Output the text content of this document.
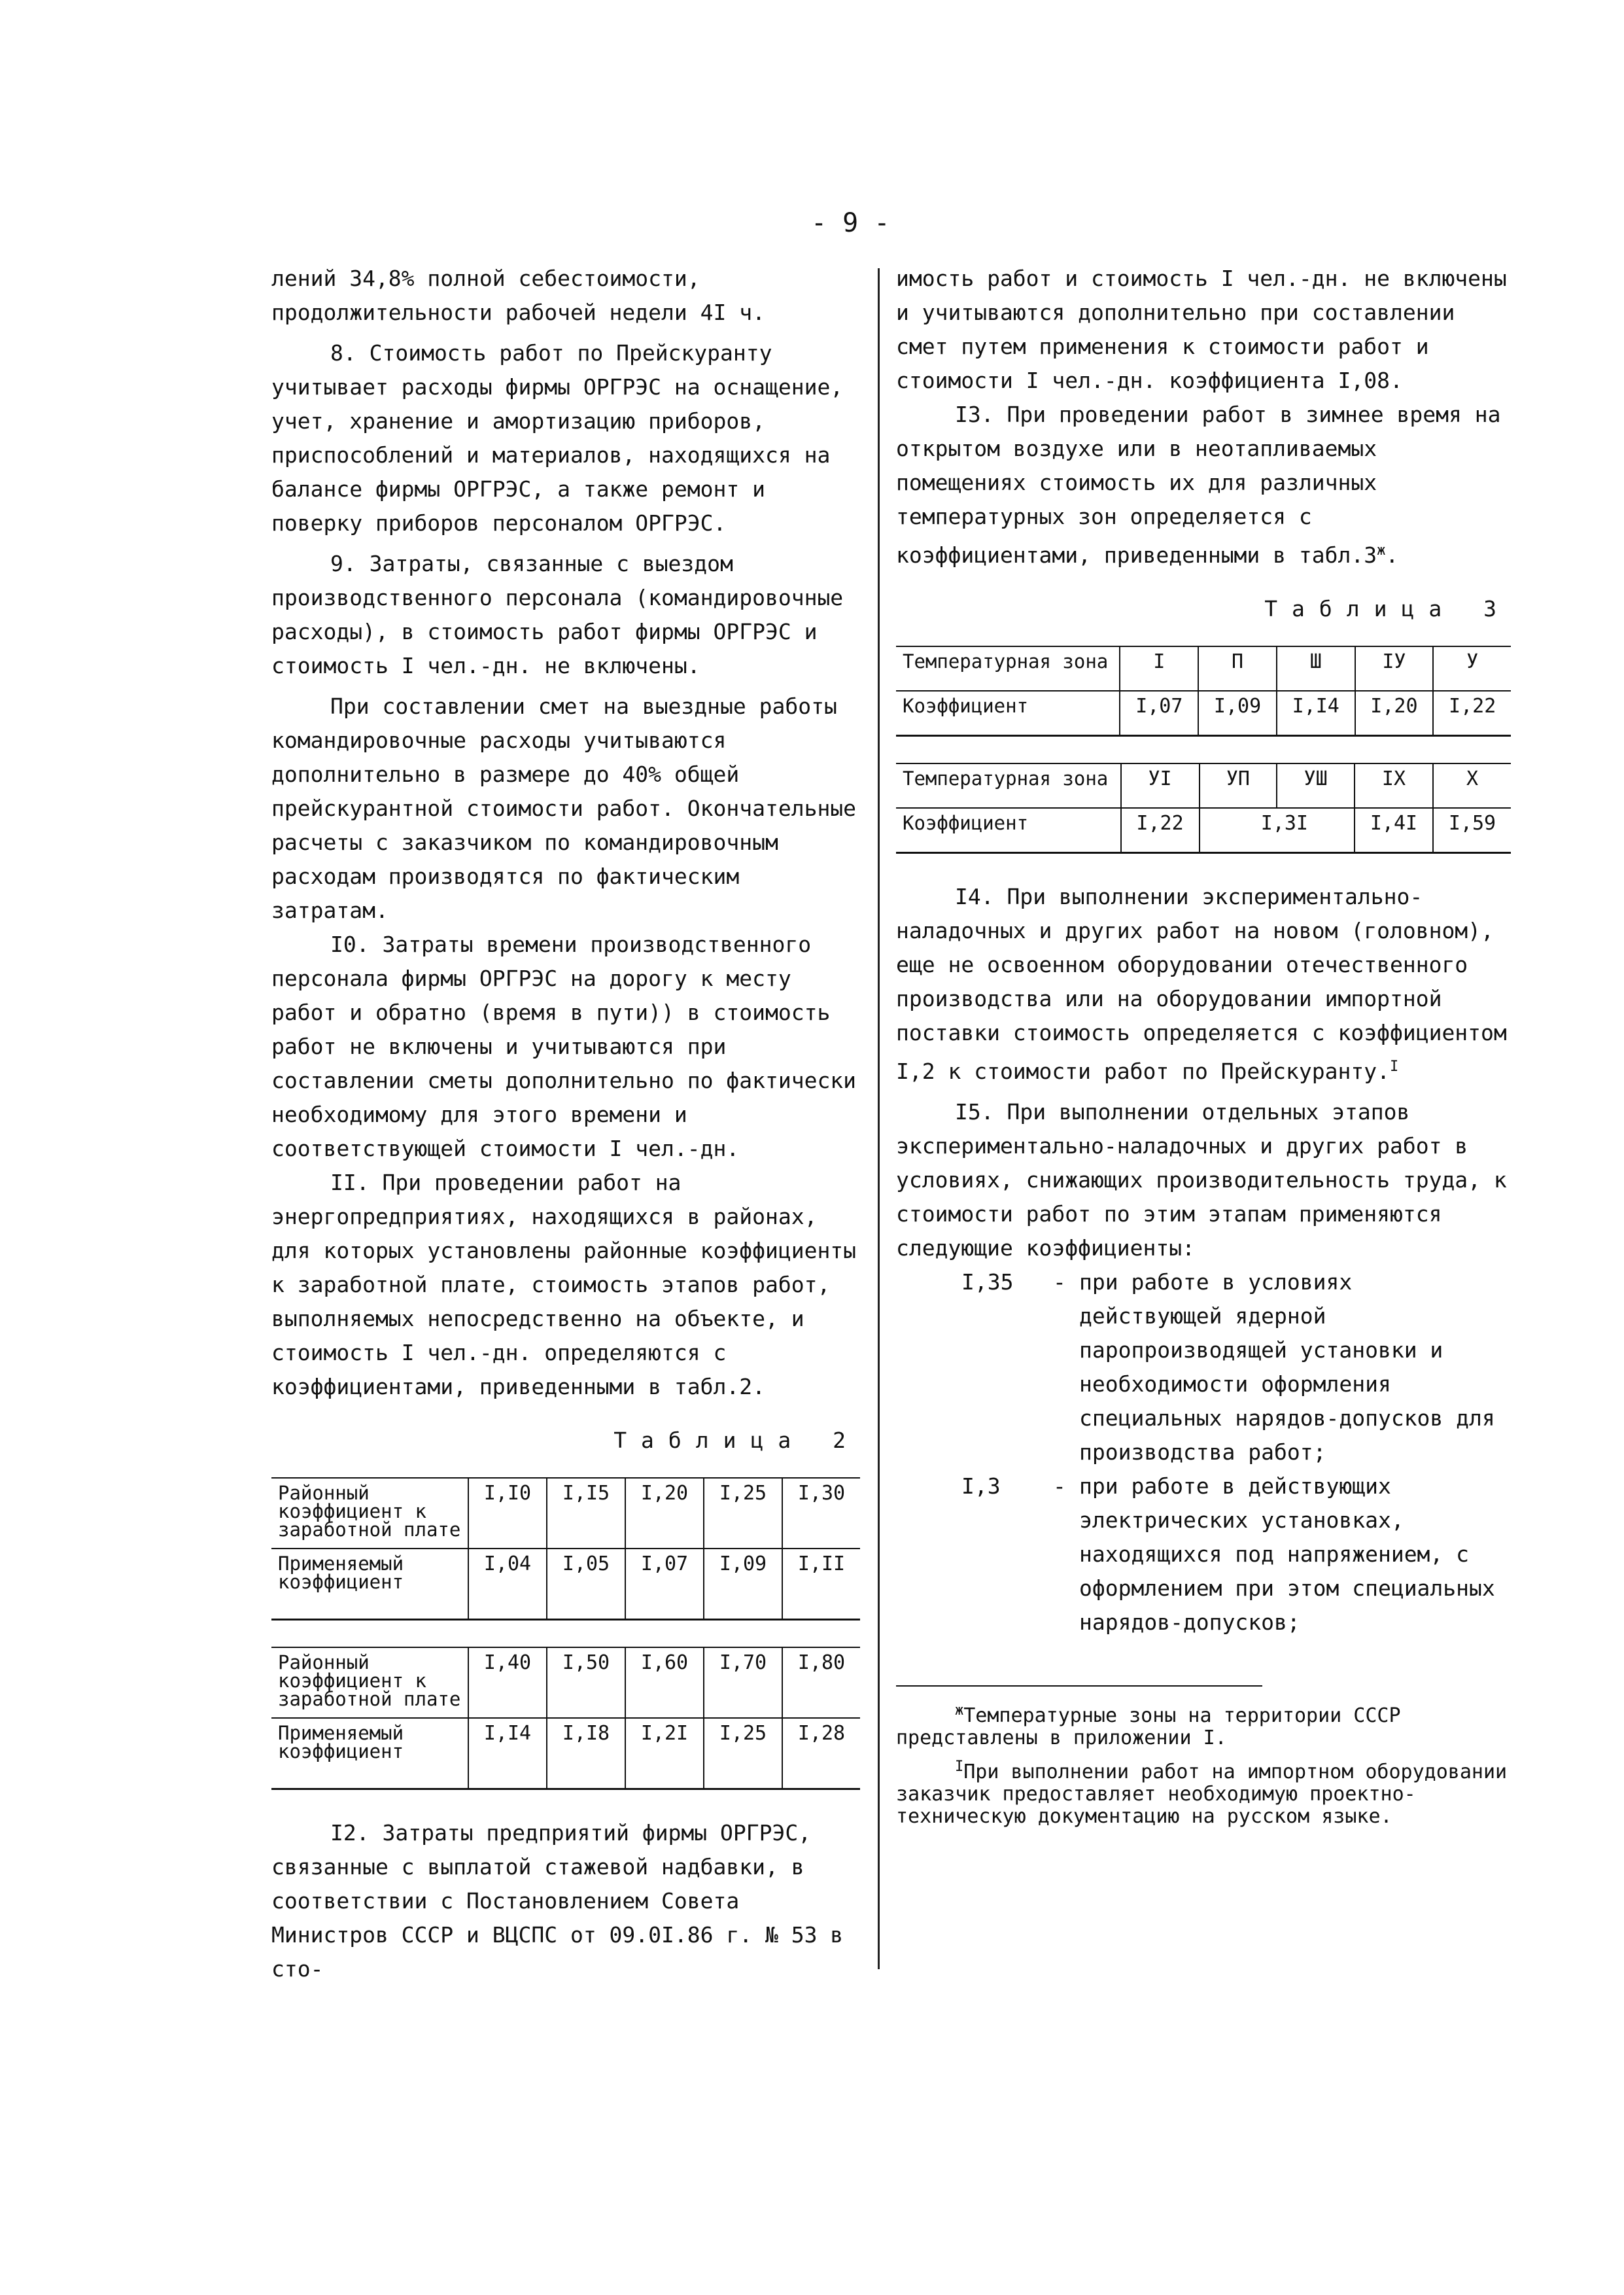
- 9 -

лений 34,8% полной себестоимости, продолжительности рабочей недели 4I ч.

8. Стоимость работ по Прейскуранту учитывает расходы фирмы ОРГРЭС на оснащение, учет, хранение и амортизацию приборов, приспособлений и материалов, находящихся на балансе фирмы ОРГРЭС, а также ремонт и поверку приборов персоналом ОРГРЭС.

9. Затраты, связанные с выездом производственного персонала (командировочные расходы), в стоимость работ фирмы ОРГРЭС и стоимость I чел.-дн. не включены.

При составлении смет на выездные работы командировочные расходы учитываются дополнительно в размере до 40% общей прейскурантной стоимости работ. Окончательные расчеты с заказчиком по командировочным расходам производятся по фактическим затратам.

I0. Затраты времени производственного персонала фирмы ОРГРЭС на дорогу к месту работ и обратно (время в пути)) в стоимость работ не включены и учитываются при составлении сметы дополнительно по фактически необходимому для этого времени и соответствующей стоимости I чел.-дн.

II. При проведении работ на энергопредприятиях, находящихся в районах, для которых установлены районные коэффициенты к заработной плате, стоимость этапов работ, выполняемых непосредственно на объекте, и стоимость I чел.-дн. определяются с коэффициентами, приведенными в табл.2.

Таблица 2
Районный коэффициент к заработной плате	I,I0	I,I5	I,20	I,25	I,30
Применяемый коэффициент	I,04	I,05	I,07	I,09	I,II
Районный коэффициент к заработной плате	I,40	I,50	I,60	I,70	I,80
Применяемый коэффициент	I,I4	I,I8	I,2I	I,25	I,28

I2. Затраты предприятий фирмы ОРГРЭС, связанные с выплатой стажевой надбавки, в соответствии с Постановлением Совета Министров СССР и ВЦСПС от 09.0I.86 г. № 53 в сто-

имость работ и стоимость I чел.-дн. не включены и учитываются дополнительно при составлении смет путем применения к стоимости работ и стоимости I чел.-дн. коэффициента I,08.

I3. При проведении работ в зимнее время на открытом воздухе или в неотапливаемых помещениях стоимость их для различных температурных зон определяется с коэффициентами, приведенными в $табл.3^ж$.

Таблица 3
Температурная зона	I	П	Ш	IУ	У
Коэффициент	I,07	I,09	I,I4	I,20	I,22
Температурная зона	УI	УП	УШ	IX	X
Коэффициент	I,22	I,3I		I,4I	I,59

I4. При выполнении экспериментально-наладочных и других работ на новом (головном), еще не освоенном оборудовании отечественного производства или на оборудовании импортной поставки стоимость определяется с коэффициентом I,2 к стоимости работ по Прейскуранту.$^I$

I5. При выполнении отдельных этапов экспериментально-наладочных и других работ в условиях, снижающих производительность труда, к стоимости работ по этим этапам применяются следующие коэффициенты:

I,35	- при работе в условиях действующей ядерной паропроизводящей установки и необходимости оформления специальных нарядов-допусков для производства работ;
I,3	- при работе в действующих электрических установках, находящихся под напряжением, с оформлением при этом специальных нарядов-допусков;

$^ж$Температурные зоны на территории СССР представлены в приложении I.

$^I$При выполнении работ на импортном оборудовании заказчик предоставляет необходимую проектно-техническую документацию на русском языке.
